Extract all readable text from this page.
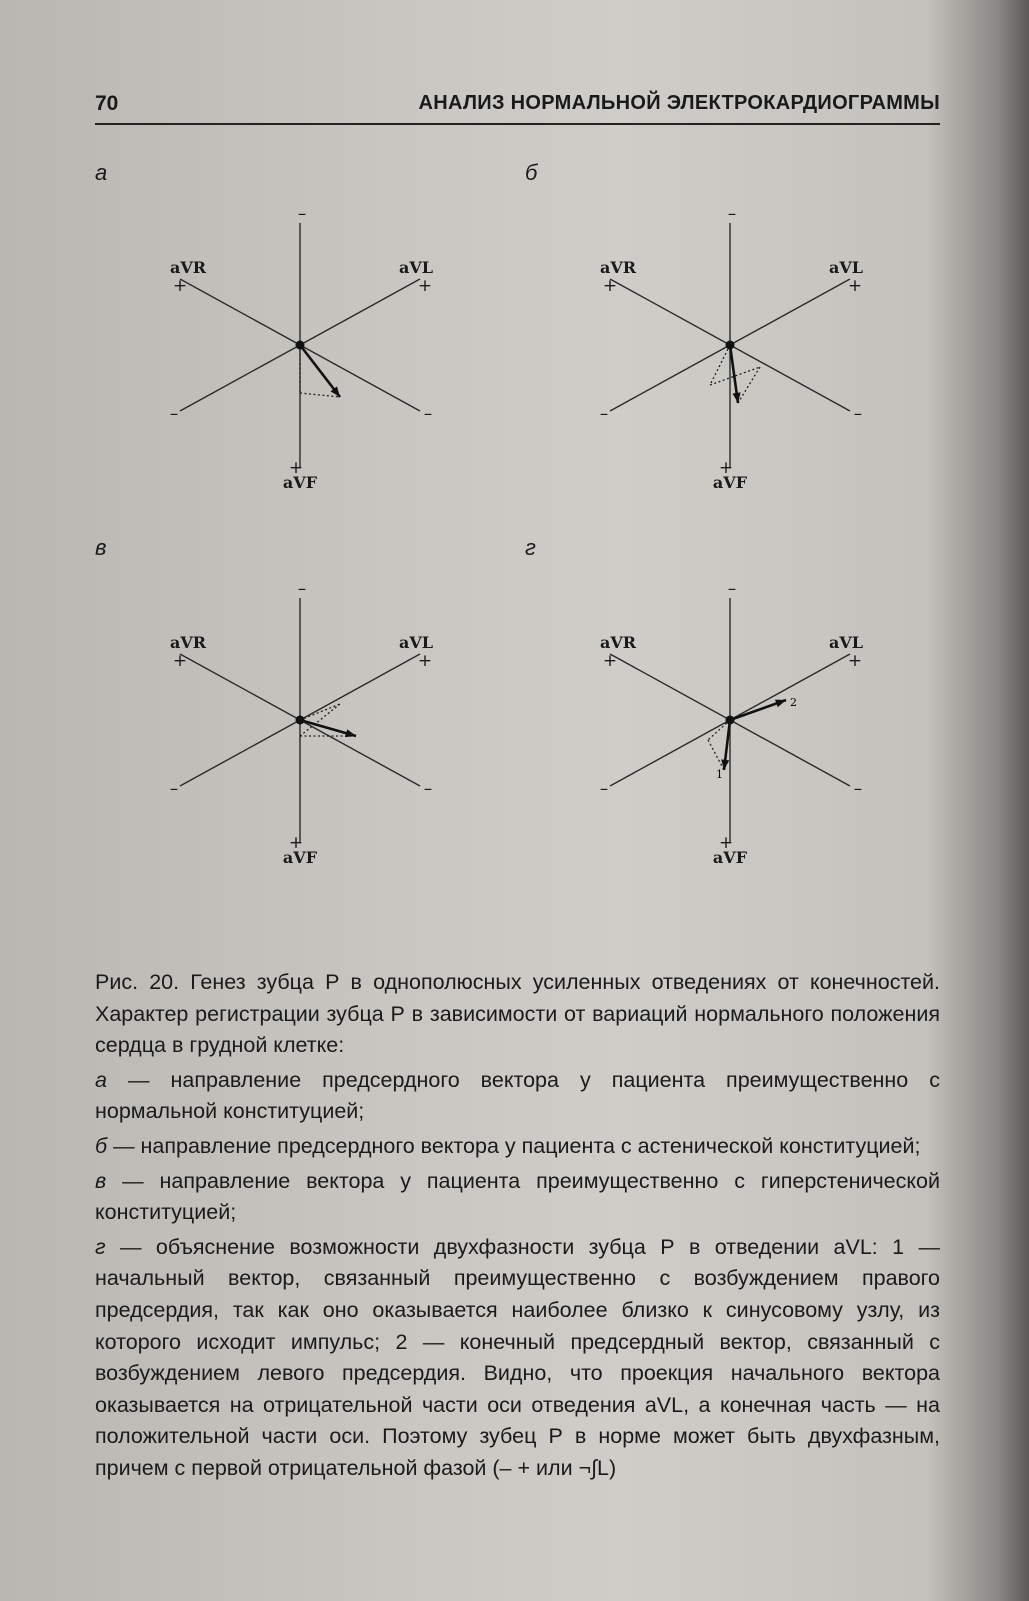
70	АНАЛИЗ НОРМАЛЬНОЙ ЭЛЕКТРОКАРДИОГРАММЫ
а
aVR	aVL
aVF
+	+
+
–
–	–
б
aVR	aVL
aVF
+	+
+
–
–	–
в
aVR	aVL
aVF
+	+
+
–
–	–
г
aVR	aVL
aVF
+	+
+
–
–	–
1
2

Рис. 20. Генез зубца Р в однополюсных усиленных отведениях от конечностей. Характер регистрации зубца Р в зависимости от вариаций нормального положения сердца в грудной клетке:

а — направление предсердного вектора у пациента преимущественно с нормальной конституцией;

б — направление предсердного вектора у пациента с астенической конституцией;

в — направление вектора у пациента преимущественно с гиперстенической конституцией;

г — объяснение возможности двухфазности зубца Р в отведении aVL: 1 — начальный вектор, связанный преимущественно с возбуждением правого предсердия, так как оно оказывается наиболее близко к синусовому узлу, из которого исходит импульс; 2 — конечный предсердный вектор, связанный с возбуждением левого предсердия. Видно, что проекция начального вектора оказывается на отрицательной части оси отведения aVL, а конечная часть — на положительной части оси. Поэтому зубец Р в норме может быть двухфазным, причем с первой отрицательной фазой (– + или ¬∫L)
